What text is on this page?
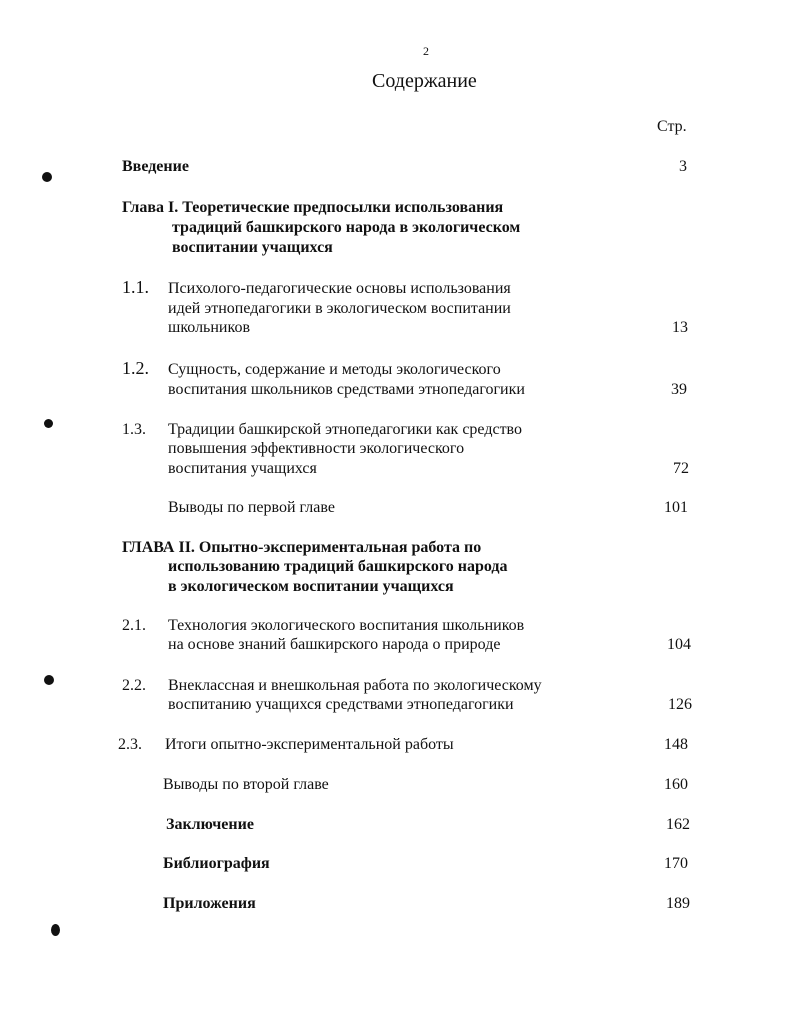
2
Содержание
Стр.
Введение	3
Глава I. Теоретические предпосылки использования
традиций башкирского народа в экологическом
воспитании учащихся
1.1. Психолого-педагогические основы использования
идей этнопедагогики в экологическом воспитании
школьников	13
1.2. Сущность, содержание и методы экологического
воспитания школьников средствами этнопедагогики	39
1.3. Традиции башкирской этнопедагогики как средство
повышения эффективности экологического
воспитания учащихся	72
Выводы по первой главе	101
ГЛАВА II. Опытно-экспериментальная работа по
использованию традиций башкирского народа
в экологическом воспитании учащихся
2.1. Технология экологического воспитания школьников
на основе знаний башкирского народа о природе	104
2.2. Внеклассная и внешкольная работа по экологическому
воспитанию учащихся средствами этнопедагогики	126
2.3. Итоги опытно-экспериментальной работы	148
Выводы по второй главе	160
Заключение	162
Библиография	170
Приложения	189
